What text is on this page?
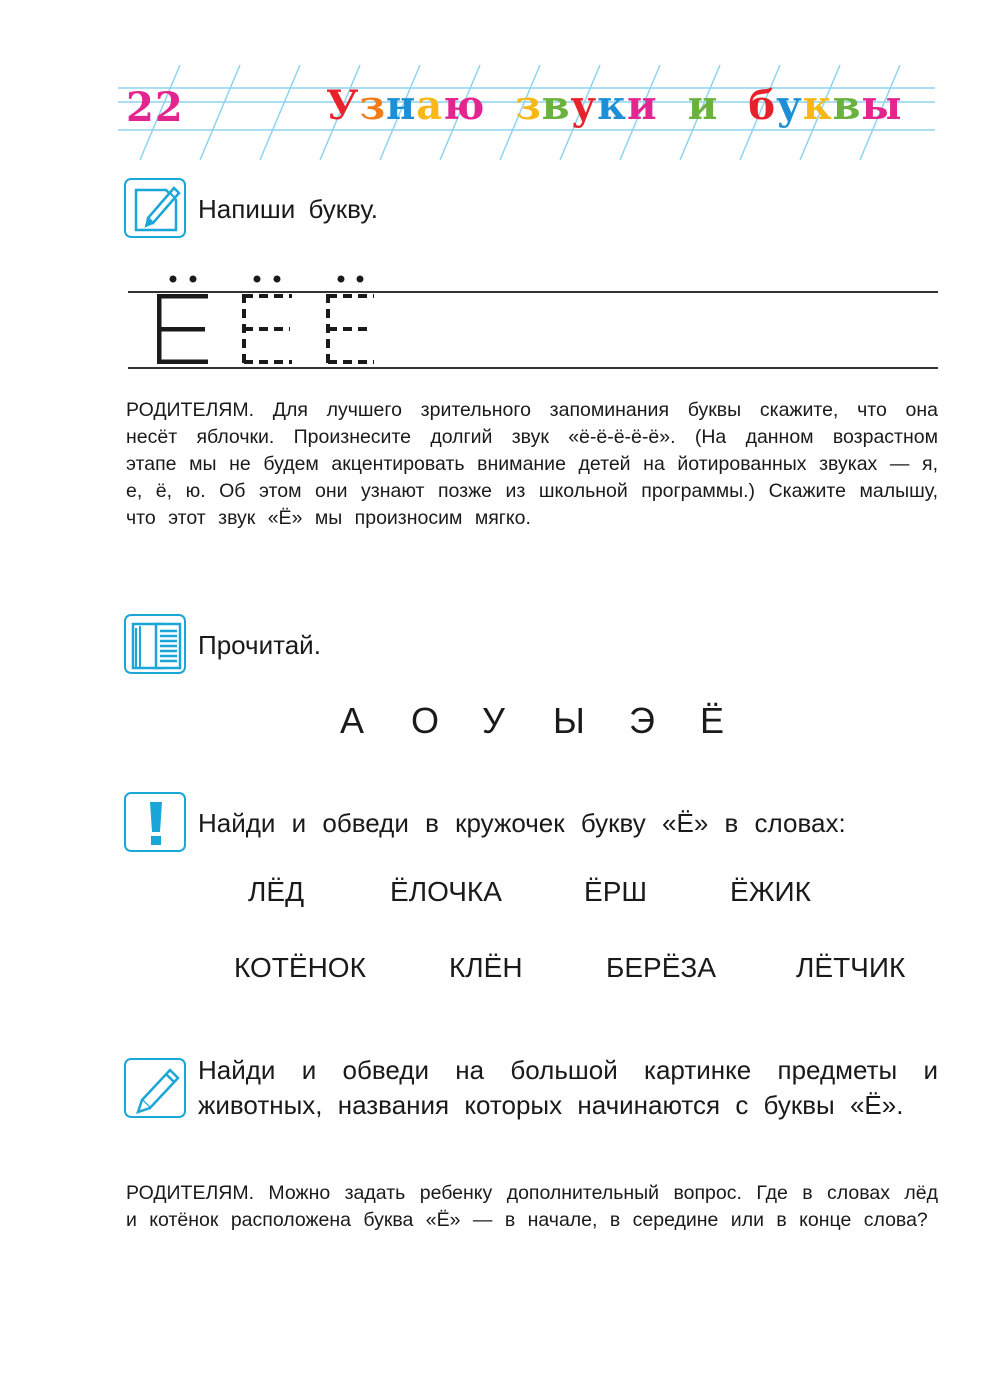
22	Узнаю звуки и буквы

Напиши букву.

РОДИТЕЛЯМ. Для лучшего зрительного запоминания буквы скажите, что она несёт яблочки. Произнесите долгий звук «ё-ё-ё-ё-ё». (На данном возрастном этапе мы не будем акцентировать внимание детей на йотированных звуках — я, е, ё, ю. Об этом они узнают позже из школьной программы.) Скажите малышу, что этот звук «Ё» мы произносим мягко.

Прочитай.

А О У Ы Э Ё

Найди и обведи в кружочек букву «Ё» в словах:

ЛЁД	ЁЛОЧКА	ЁРШ	ЁЖИК
КОТЁНОК	КЛЁН	БЕРЁЗА	ЛЁТЧИК

Найди и обведи на большой картинке предметы и животных, названия которых начинаются с буквы «Ё».

РОДИТЕЛЯМ. Можно задать ребенку дополнительный вопрос. Где в словах лёд и котёнок расположена буква «Ё» — в начале, в середине или в конце слова?
